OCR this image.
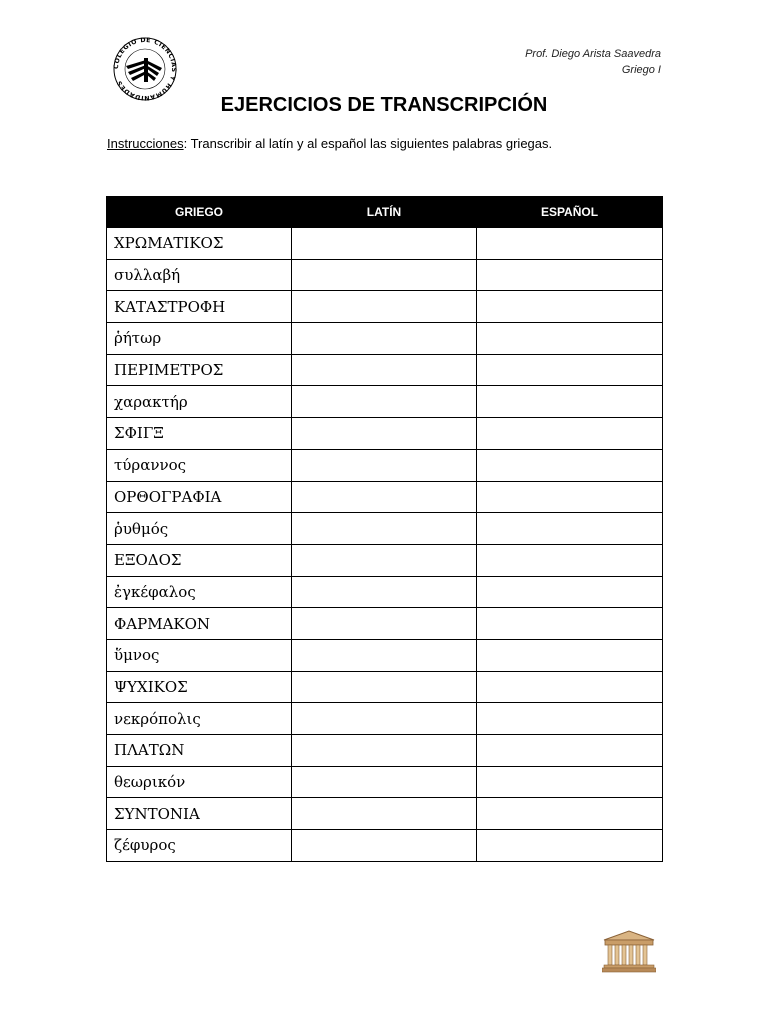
COLEGIO DE CIENCIAS Y HUMANIDADES
Prof. Diego Arista Saavedra
Griego I
EJERCICIOS DE TRANSCRIPCIÓN
Instrucciones: Transcribir al latín y al español las siguientes palabras griegas.
GRIEGO	LATÍN	ESPAÑOL
ΧΡΩΜΑΤΙΚΟΣ		
συλλαβή		
ΚΑΤΑΣΤΡΟΦΗ		
ῥήτωρ		
ΠΕΡΙΜΕΤΡΟΣ		
χαρακτήρ		
ΣΦΙΓΞ		
τύραννος		
ΟΡΘΟΓΡΑΦΙΑ		
ῥυθμός		
ΕΞΟΔΟΣ		
ἐγκέφαλος		
ΦΑΡΜΑΚΟΝ		
ὕμνος		
ΨΥΧΙΚΟΣ		
νεκρόπολις		
ΠΛΑΤΩΝ		
θεωρικόν		
ΣΥΝΤΟΝΙΑ		
ζέφυρος		
